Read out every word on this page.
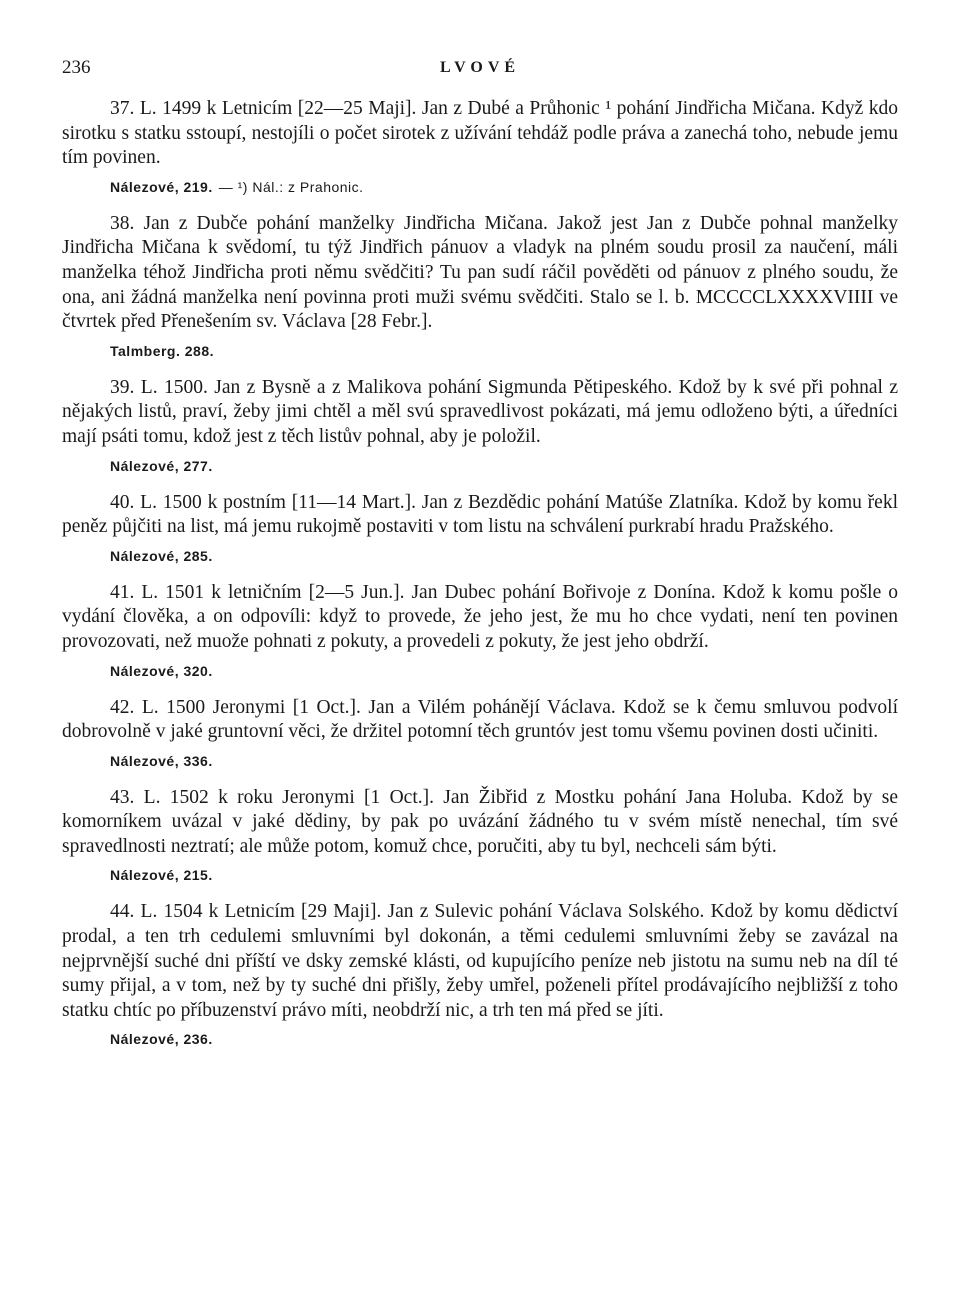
236	LVOVÉ

37. L. 1499 k Letnicím [22—25 Maji]. Jan z Dubé a Průhonic ¹ pohání Jindřicha Mičana. Když kdo sirotku s statku sstoupí, nestojíli o počet sirotek z užívání tehdáž podle práva a zanechá toho, nebude jemu tím povinen.

Nálezové, 219. — ¹) Nál.: z Prahonic.

38. Jan z Dubče pohání manželky Jindřicha Mičana. Jakož jest Jan z Dubče pohnal manželky Jindřicha Mičana k svědomí, tu týž Jindřich pánuov a vladyk na plném soudu prosil za naučení, máli manželka téhož Jindřicha proti němu svědčiti? Tu pan sudí ráčil pověděti od pánuov z plného soudu, že ona, ani žádná manželka není povinna proti muži svému svědčiti. Stalo se l. b. MCCCCLXXXXVIIII ve čtvrtek před Přenešením sv. Václava [28 Febr.].

Talmberg. 288.

39. L. 1500. Jan z Bysně a z Malikova pohání Sigmunda Pětipeského. Kdož by k své při pohnal z nějakých listů, praví, žeby jimi chtěl a měl svú spravedlivost pokázati, má jemu odloženo býti, a úředníci mají psáti tomu, kdož jest z těch listův pohnal, aby je položil.

Nálezové, 277.

40. L. 1500 k postním [11—14 Mart.]. Jan z Bezdědic pohání Matúše Zlatníka. Kdož by komu řekl peněz půjčiti na list, má jemu rukojmě postaviti v tom listu na schválení purkrabí hradu Pražského.

Nálezové, 285.

41. L. 1501 k letničním [2—5 Jun.]. Jan Dubec pohání Bořivoje z Donína. Kdož k komu pošle o vydání člověka, a on odpovíli: když to provede, že jeho jest, že mu ho chce vydati, není ten povinen provozovati, než muože pohnati z pokuty, a provedeli z pokuty, že jest jeho obdrží.

Nálezové, 320.

42. L. 1500 Jeronymi [1 Oct.]. Jan a Vilém pohánějí Václava. Kdož se k čemu smluvou podvolí dobrovolně v jaké gruntovní věci, že držitel potomní těch gruntóv jest tomu všemu povinen dosti učiniti.

Nálezové, 336.

43. L. 1502 k roku Jeronymi [1 Oct.]. Jan Žibřid z Mostku pohání Jana Holuba. Kdož by se komorníkem uvázal v jaké dědiny, by pak po uvázání žádného tu v svém místě nenechal, tím své spravedlnosti neztratí; ale může potom, komuž chce, poručiti, aby tu byl, nechceli sám býti.

Nálezové, 215.

44. L. 1504 k Letnicím [29 Maji]. Jan z Sulevic pohání Václava Solského. Kdož by komu dědictví prodal, a ten trh cedulemi smluvními byl dokonán, a těmi cedulemi smluvními žeby se zavázal na nejprvnější suché dni příští ve dsky zemské klásti, od kupujícího peníze neb jistotu na sumu neb na díl té sumy přijal, a v tom, než by ty suché dni přišly, žeby umřel, poženeli přítel prodávajícího nejbližší z toho statku chtíc po příbuzenství právo míti, neobdrží nic, a trh ten má před se jíti.

Nálezové, 236.
